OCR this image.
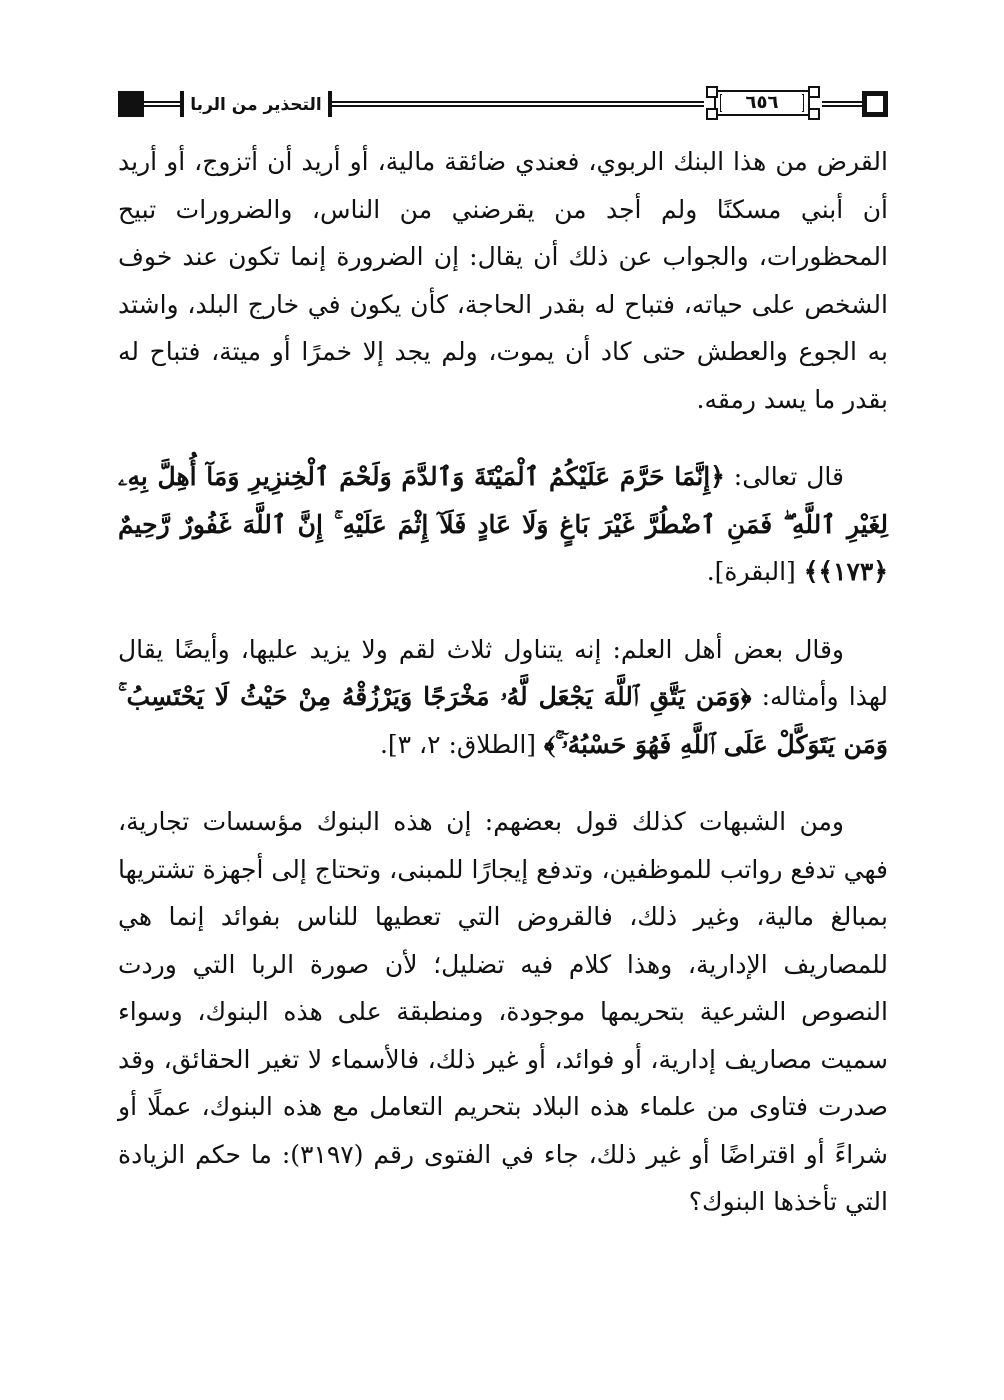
التحذير من الربا	٦٥٦

القرض من هذا البنك الربوي، فعندي ضائقة مالية، أو أريد أن أتزوج، أو أريد أن أبني مسكنًا ولم أجد من يقرضني من الناس، والضرورات تبيح المحظورات، والجواب عن ذلك أن يقال: إن الضرورة إنما تكون عند خوف الشخص على حياته، فتباح له بقدر الحاجة، كأن يكون في خارج البلد، واشتد به الجوع والعطش حتى كاد أن يموت، ولم يجد إلا خمرًا أو ميتة، فتباح له بقدر ما يسد رمقه.

قال تعالى: ﴿إِنَّمَا حَرَّمَ عَلَيْكُمُ ٱلْمَيْتَةَ وَٱلدَّمَ وَلَحْمَ ٱلْخِنزِيرِ وَمَآ أُهِلَّ بِهِۦ لِغَيْرِ ٱللَّهِ ۖ فَمَنِ ٱضْطُرَّ غَيْرَ بَاغٍ وَلَا عَادٍ فَلَآ إِثْمَ عَلَيْهِ ۚ إِنَّ ٱللَّهَ غَفُورٌ رَّحِيمٌ ﴿١٧٣﴾﴾ [البقرة].

وقال بعض أهل العلم: إنه يتناول ثلاث لقم ولا يزيد عليها، وأيضًا يقال لهذا وأمثاله: ﴿وَمَن يَتَّقِ ٱللَّهَ يَجْعَل لَّهُۥ مَخْرَجًا وَيَرْزُقْهُ مِنْ حَيْثُ لَا يَحْتَسِبُ ۚ وَمَن يَتَوَكَّلْ عَلَى ٱللَّهِ فَهُوَ حَسْبُهُۥٓ ۚ﴾ [الطلاق: ٢، ٣].

ومن الشبهات كذلك قول بعضهم: إن هذه البنوك مؤسسات تجارية، فهي تدفع رواتب للموظفين، وتدفع إيجارًا للمبنى، وتحتاج إلى أجهزة تشتريها بمبالغ مالية، وغير ذلك، فالقروض التي تعطيها للناس بفوائد إنما هي للمصاريف الإدارية، وهذا كلام فيه تضليل؛ لأن صورة الربا التي وردت النصوص الشرعية بتحريمها موجودة، ومنطبقة على هذه البنوك، وسواء سميت مصاريف إدارية، أو فوائد، أو غير ذلك، فالأسماء لا تغير الحقائق، وقد صدرت فتاوى من علماء هذه البلاد بتحريم التعامل مع هذه البنوك، عملًا أو شراءً أو اقتراضًا أو غير ذلك، جاء في الفتوى رقم (٣١٩٧): ما حكم الزيادة التي تأخذها البنوك؟
